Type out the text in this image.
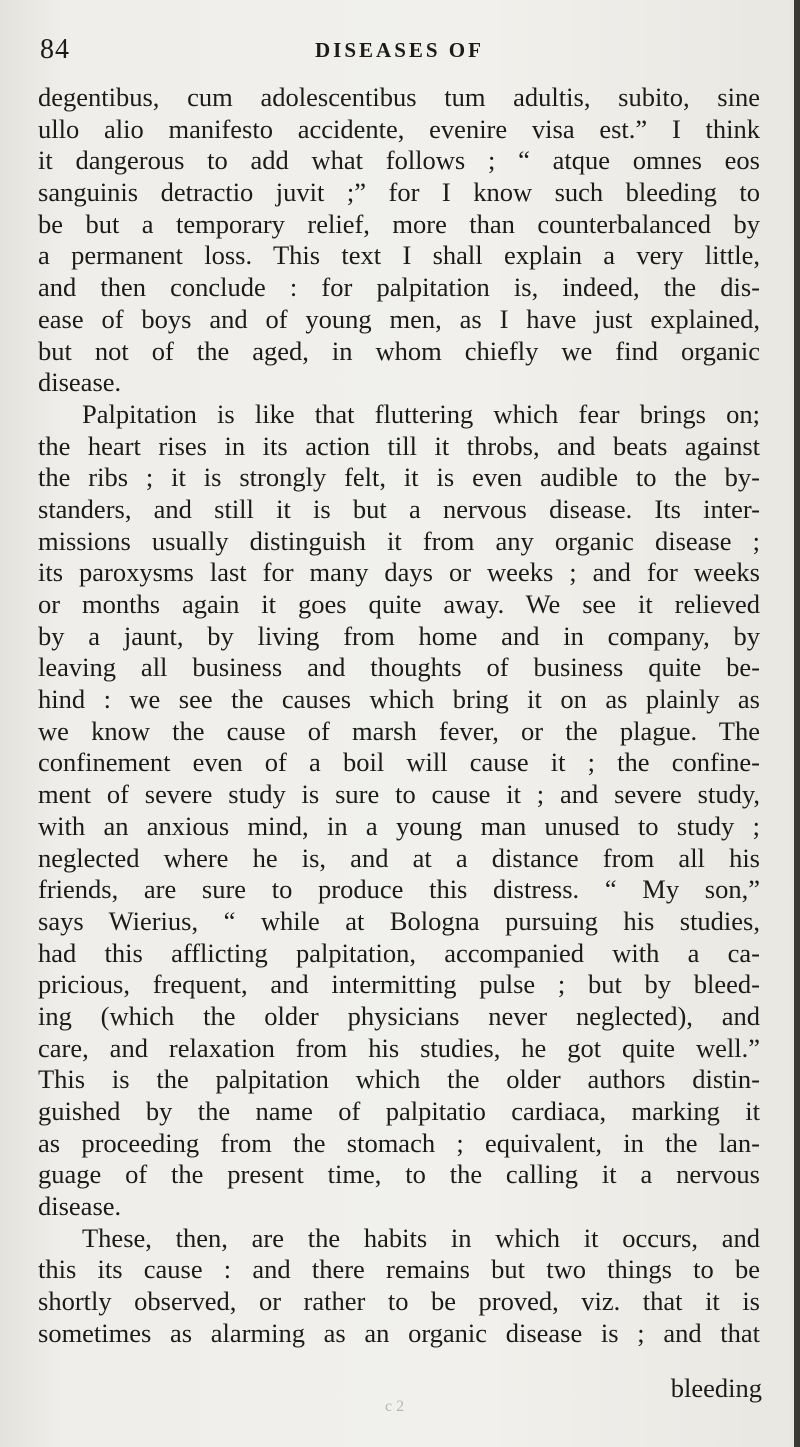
84	DISEASES OF
degentibus, cum adolescentibus tum adultis, subito, sine
ullo alio manifesto accidente, evenire visa est.” I think
it dangerous to add what follows ; “ atque omnes eos
sanguinis detractio juvit ;” for I know such bleeding to
be but a temporary relief, more than counterbalanced by
a permanent loss. This text I shall explain a very little,
and then conclude : for palpitation is, indeed, the dis-
ease of boys and of young men, as I have just explained,
but not of the aged, in whom chiefly we find organic
disease.
Palpitation is like that fluttering which fear brings on;
the heart rises in its action till it throbs, and beats against
the ribs ; it is strongly felt, it is even audible to the by-
standers, and still it is but a nervous disease. Its inter-
missions usually distinguish it from any organic disease ;
its paroxysms last for many days or weeks ; and for weeks
or months again it goes quite away. We see it relieved
by a jaunt, by living from home and in company, by
leaving all business and thoughts of business quite be-
hind : we see the causes which bring it on as plainly as
we know the cause of marsh fever, or the plague. The
confinement even of a boil will cause it ; the confine-
ment of severe study is sure to cause it ; and severe study,
with an anxious mind, in a young man unused to study ;
neglected where he is, and at a distance from all his
friends, are sure to produce this distress. “ My son,”
says Wierius, “ while at Bologna pursuing his studies,
had this afflicting palpitation, accompanied with a ca-
pricious, frequent, and intermitting pulse ; but by bleed-
ing (which the older physicians never neglected), and
care, and relaxation from his studies, he got quite well.”
This is the palpitation which the older authors distin-
guished by the name of palpitatio cardiaca, marking it
as proceeding from the stomach ; equivalent, in the lan-
guage of the present time, to the calling it a nervous
disease.
These, then, are the habits in which it occurs, and
this its cause : and there remains but two things to be
shortly observed, or rather to be proved, viz. that it is
sometimes as alarming as an organic disease is ; and that
bleeding
c 2
